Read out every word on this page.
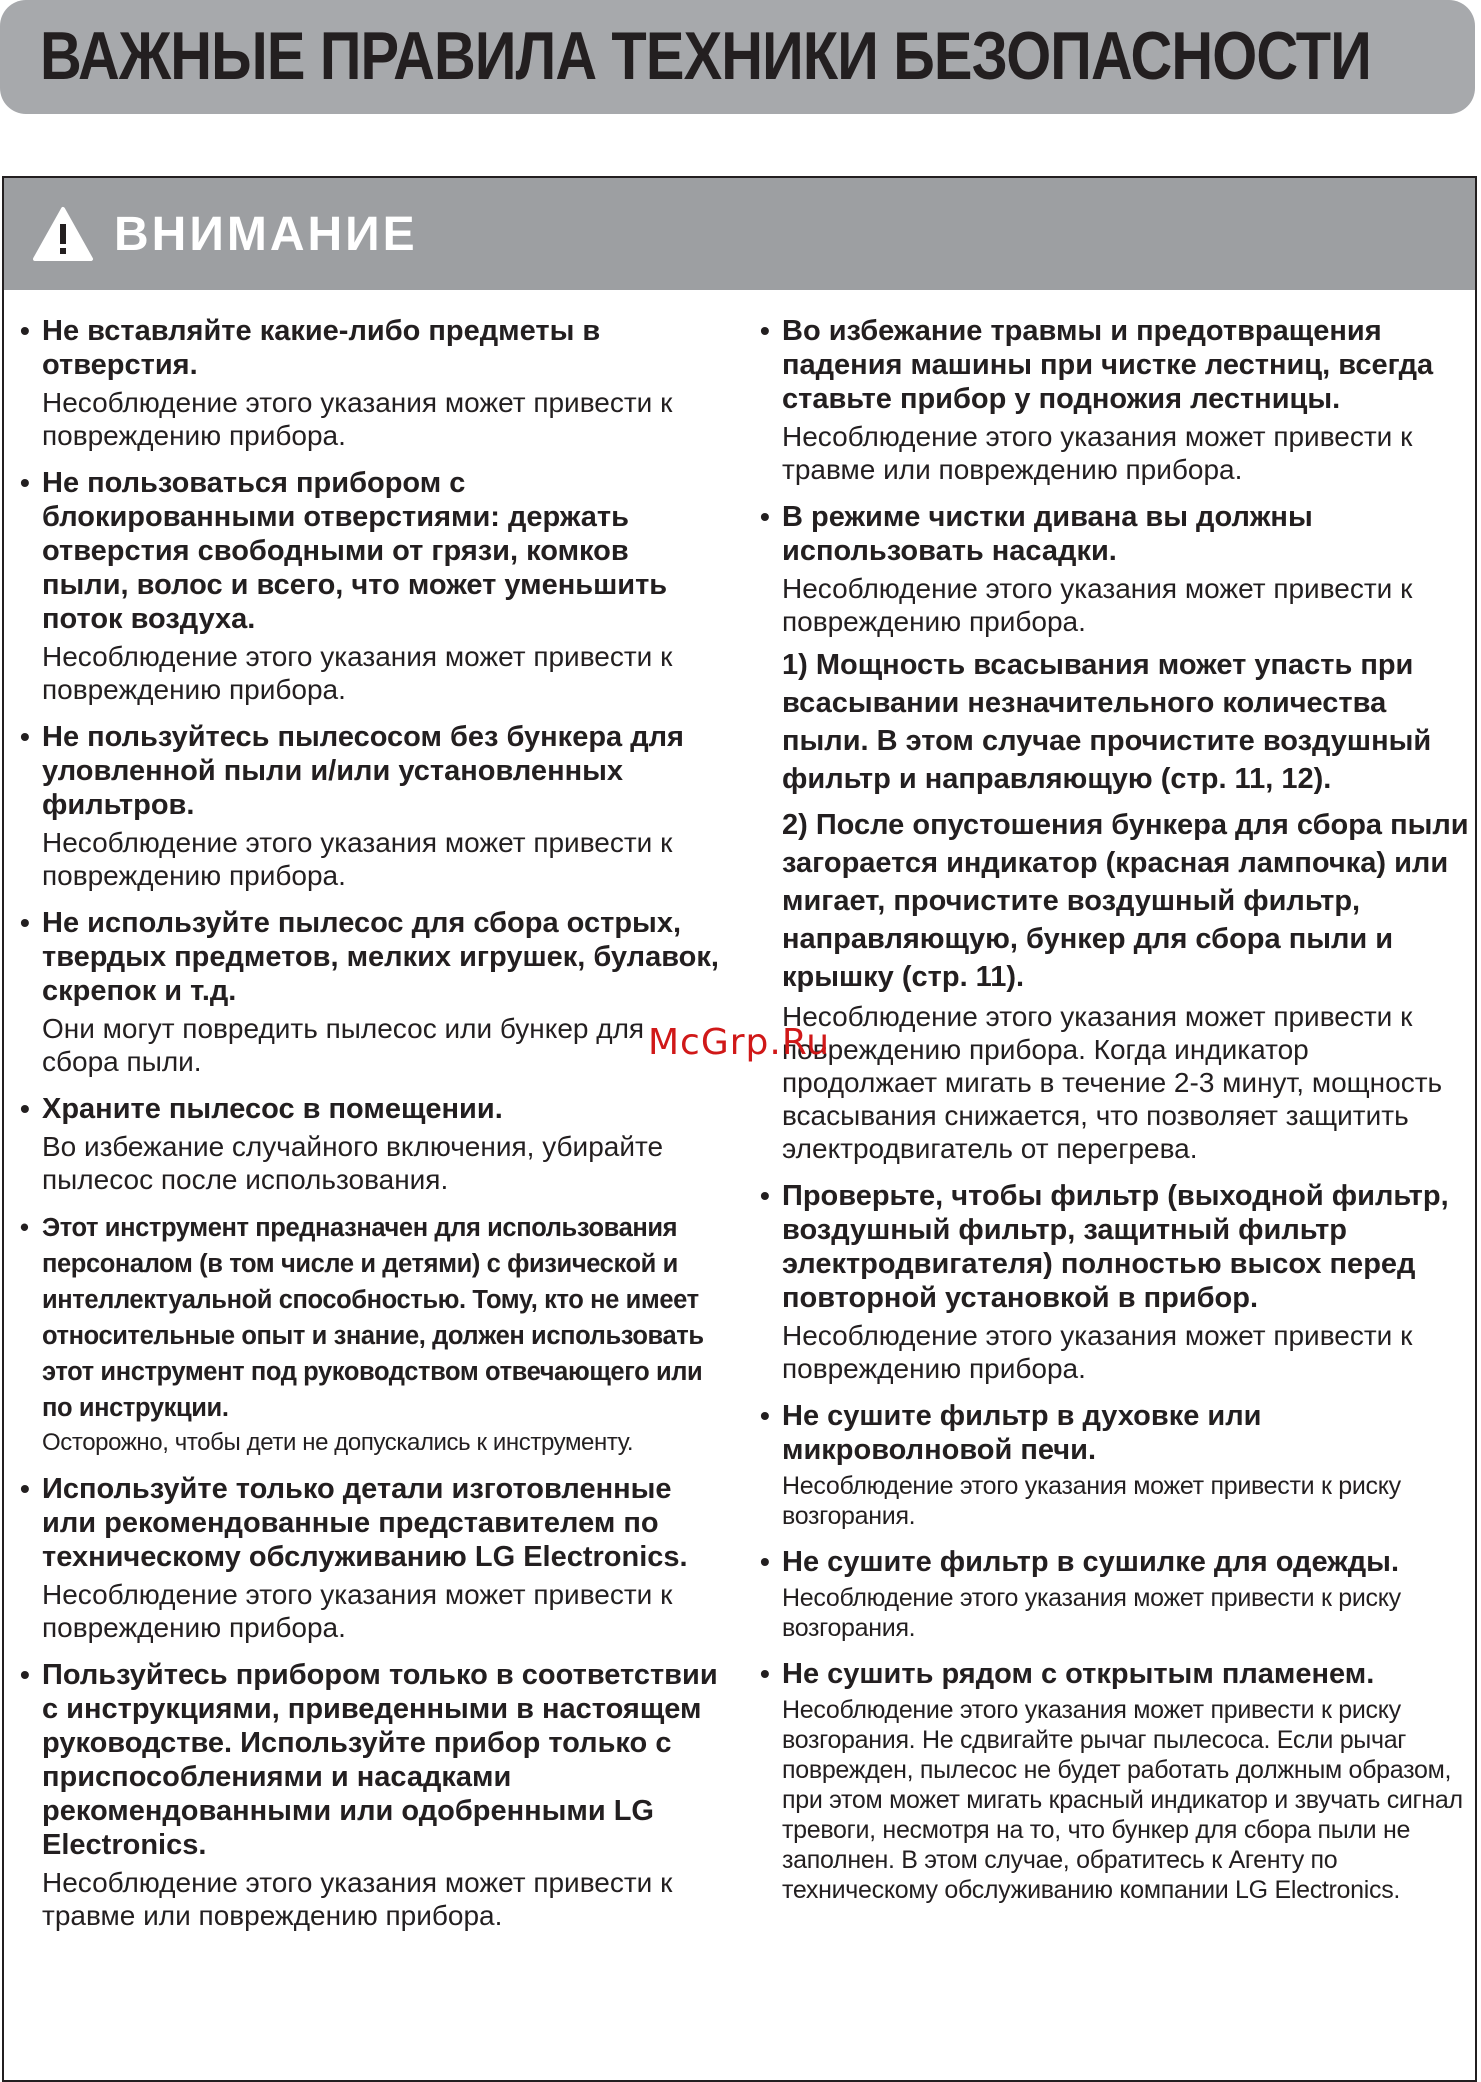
ВАЖНЫЕ ПРАВИЛА ТЕХНИКИ БЕЗОПАСНОСТИ
ВНИМАНИЕ
• Не вставляйте какие-либо предметы в отверстия.
Несоблюдение этого указания может привести к повреждению прибора.
• Не пользоваться прибором с блокированными отверстиями: держать отверстия свободными от грязи, комков пыли, волос и всего, что может уменьшить поток воздуха.
Несоблюдение этого указания может привести к повреждению прибора.
• Не пользуйтесь пылесосом без бункера для уловленной пыли и/или установленных фильтров.
Несоблюдение этого указания может привести к повреждению прибора.
• Не используйте пылесос для сбора острых, твердых предметов, мелких игрушек, булавок, скрепок и т.д.
Они могут повредить пылесос или бункер для сбора пыли.
• Храните пылесос в помещении.
Во избежание случайного включения, убирайте пылесос после использования.
• Этот инструмент предназначен для использования персоналом (в том числе и детями) с физической и интеллектуальной способностью. Тому, кто не имеет относительные опыт и знание, должен использовать этот инструмент под руководством отвечающего или по инструкции.
Осторожно, чтобы дети не допускались к инструменту.
• Используйте только детали изготовленные или рекомендованные представителем по техническому обслуживанию LG Electronics.
Несоблюдение этого указания может привести к повреждению прибора.
• Пользуйтесь прибором только в соответствии с инструкциями, приведенными в настоящем руководстве. Используйте прибор только с приспособлениями и насадками рекомендованными или одобренными LG Electronics.
Несоблюдение этого указания может привести к травме или повреждению прибора.
• Во избежание травмы и предотвращения падения машины при чистке лестниц, всегда ставьте прибор у подножия лестницы.
Несоблюдение этого указания может привести к травме или повреждению прибора.
• В режиме чистки дивана вы должны использовать насадки.
Несоблюдение этого указания может привести к повреждению прибора.
1) Мощность всасывания может упасть при всасывании незначительного количества пыли. В этом случае прочистите воздушный фильтр и направляющую (стр. 11, 12).
2) После опустошения бункера для сбора пыли загорается индикатор (красная лампочка) или мигает, прочистите воздушный фильтр, направляющую, бункер для сбора пыли и крышку (стр. 11).
Несоблюдение этого указания может привести к повреждению прибора. Когда индикатор продолжает мигать в течение 2-3 минут, мощность всасывания снижается, что позволяет защитить электродвигатель от перегрева.
• Проверьте, чтобы фильтр (выходной фильтр, воздушный фильтр, защитный фильтр электродвигателя) полностью высох перед повторной установкой в прибор.
Несоблюдение этого указания может привести к повреждению прибора.
• Не сушите фильтр в духовке или микроволновой печи.
Несоблюдение этого указания может привести к риску возгорания.
• Не сушите фильтр в сушилке для одежды.
Несоблюдение этого указания может привести к риску возгорания.
• Не сушить рядом с открытым пламенем.
Несоблюдение этого указания может привести к риску возгорания. Не сдвигайте рычаг пылесоса. Если рычаг поврежден, пылесос не будет работать должным образом, при этом может мигать красный индикатор и звучать сигнал тревоги, несмотря на то, что бункер для сбора пыли не заполнен. В этом случае, обратитесь к Агенту по техническому обслуживанию компании LG Electronics.
McGrp.Ru
